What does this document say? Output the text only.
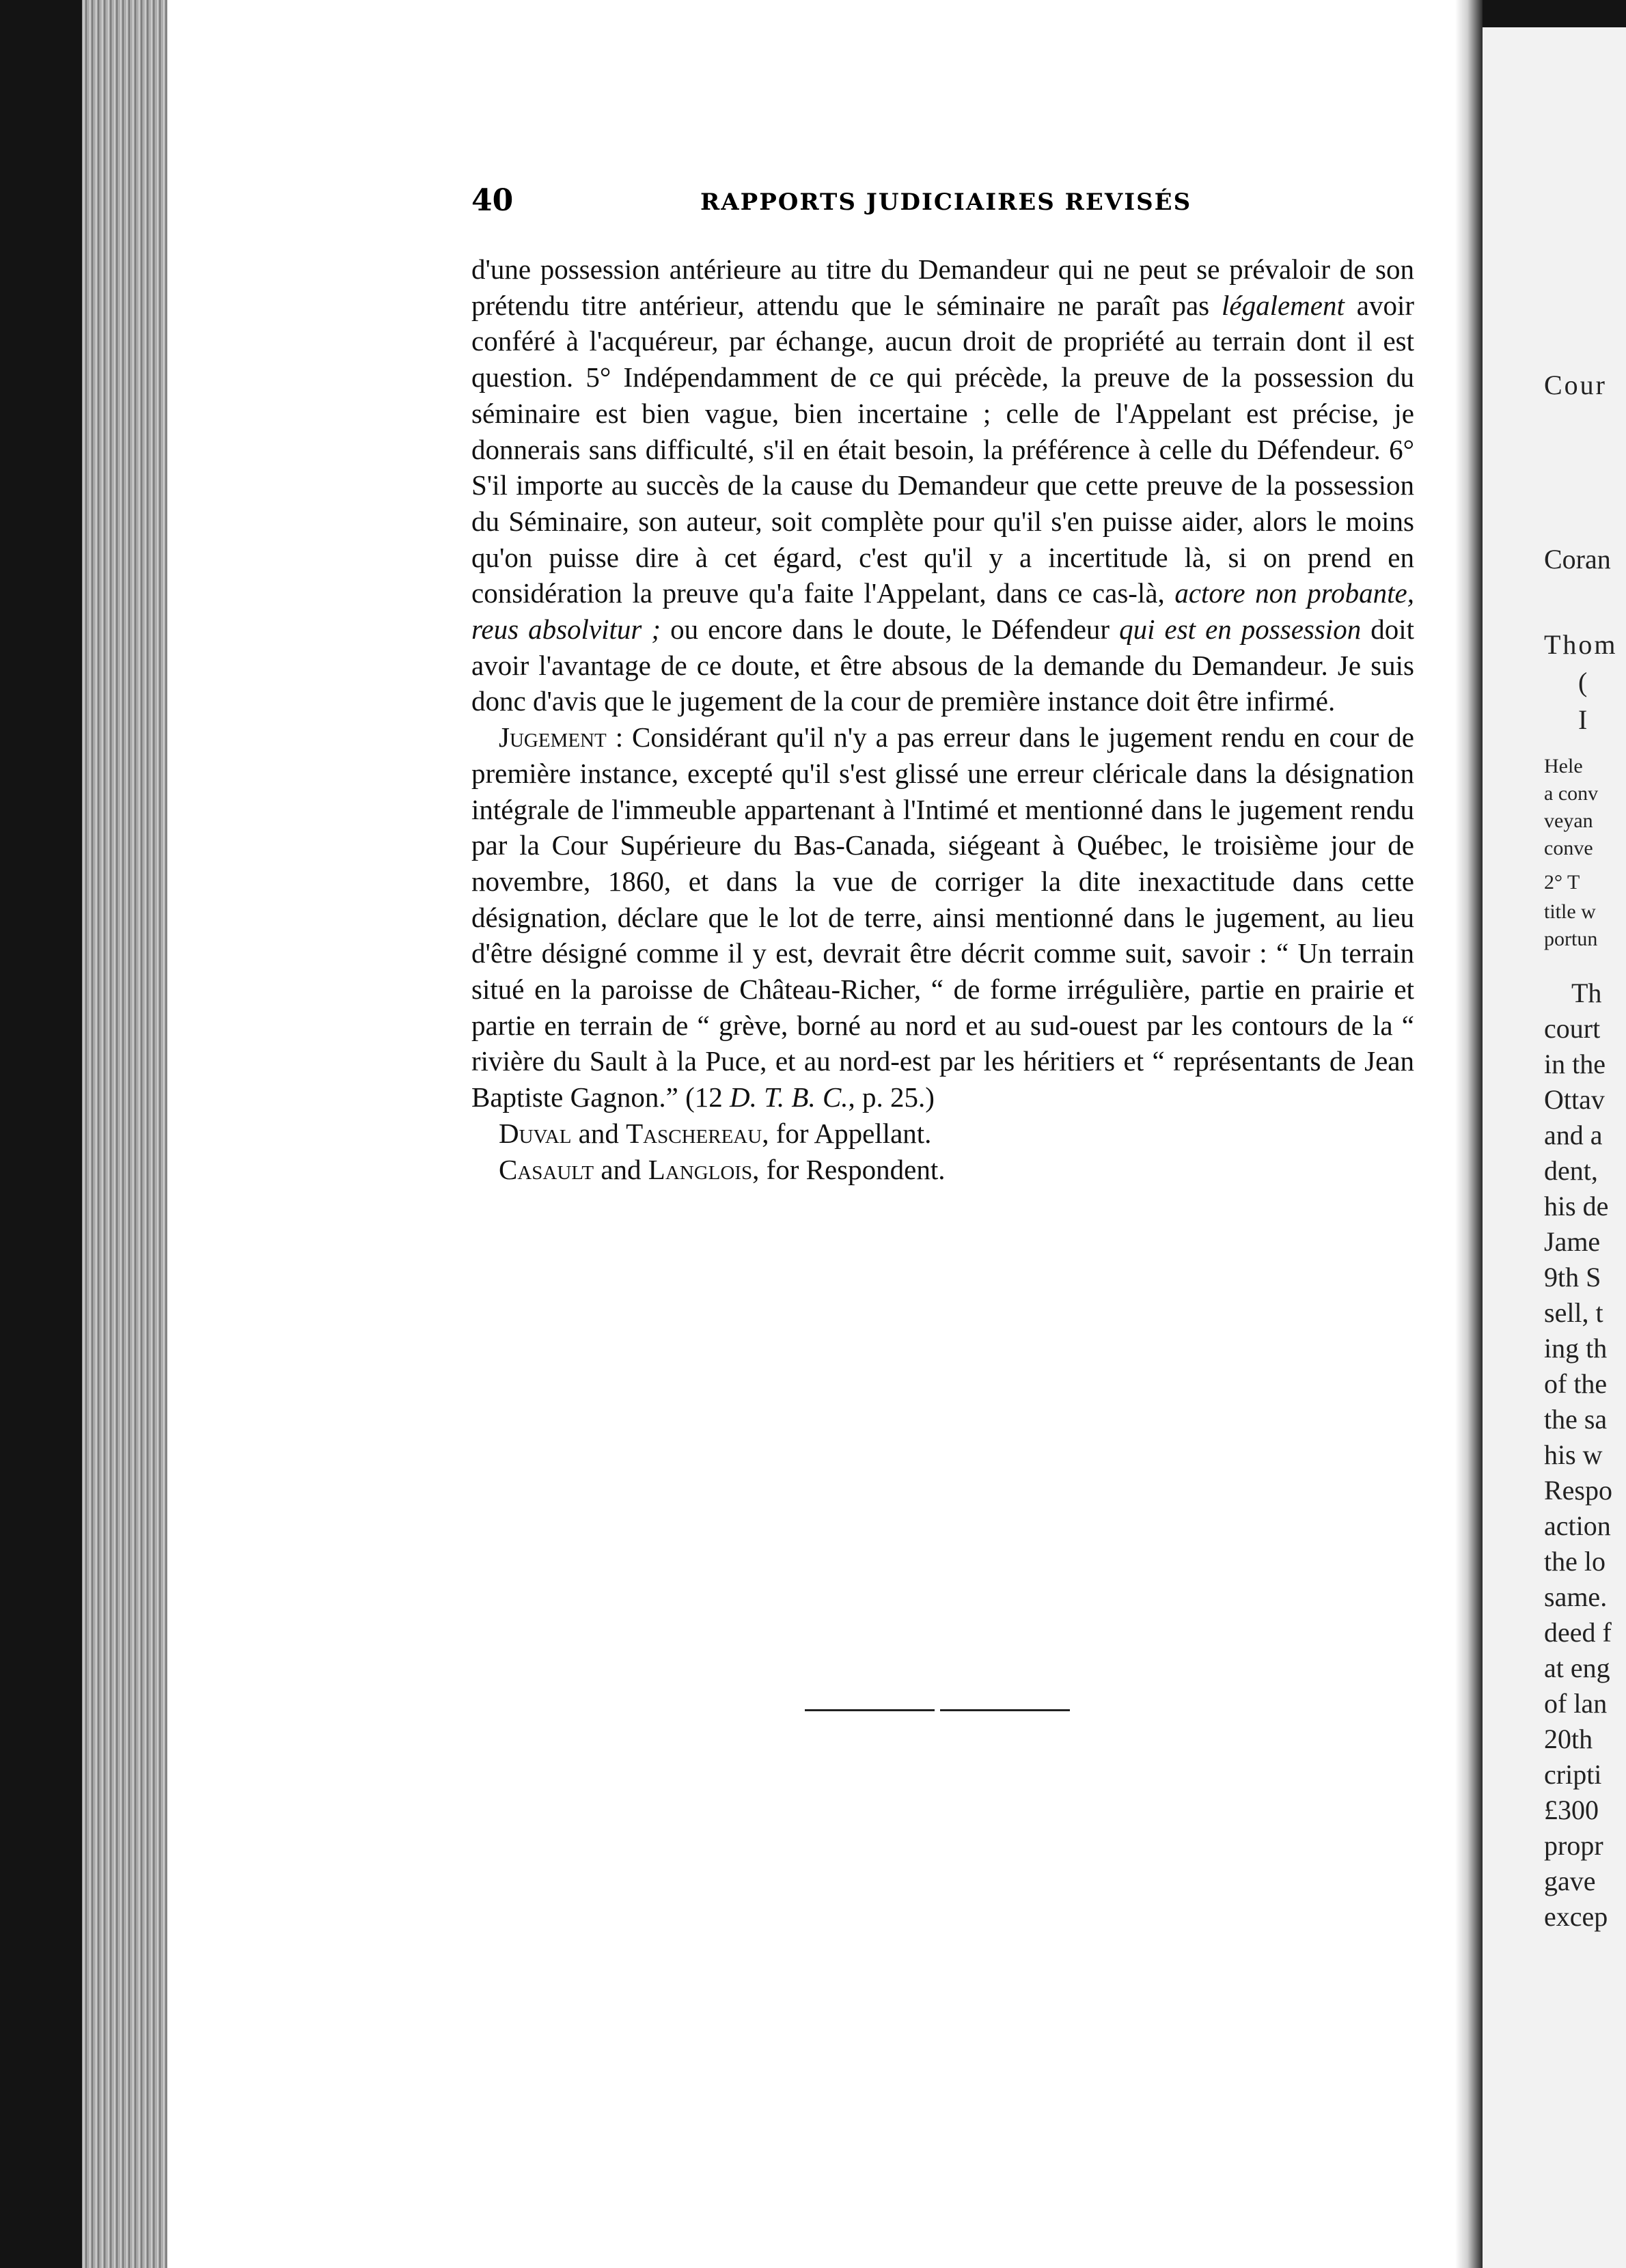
40	RAPPORTS JUDICIAIRES REVISÉS

d'une possession antérieure au titre du Demandeur qui ne peut se prévaloir de son prétendu titre antérieur, attendu que le séminaire ne paraît pas légalement avoir conféré à l'acquéreur, par échange, aucun droit de propriété au terrain dont il est question. 5° Indépendamment de ce qui précède, la preuve de la possession du séminaire est bien vague, bien incertaine ; celle de l'Appelant est précise, je donnerais sans difficulté, s'il en était besoin, la préférence à celle du Défendeur. 6° S'il importe au succès de la cause du Demandeur que cette preuve de la possession du Séminaire, son auteur, soit complète pour qu'il s'en puisse aider, alors le moins qu'on puisse dire à cet égard, c'est qu'il y a incertitude là, si on prend en considération la preuve qu'a faite l'Appelant, dans ce cas-là, actore non probante, reus absolvitur ; ou encore dans le doute, le Défendeur qui est en possession doit avoir l'avantage de ce doute, et être absous de la demande du Demandeur. Je suis donc d'avis que le jugement de la cour de première instance doit être infirmé.

Jugement : Considérant qu'il n'y a pas erreur dans le jugement rendu en cour de première instance, excepté qu'il s'est glissé une erreur cléricale dans la désignation intégrale de l'immeuble appartenant à l'Intimé et mentionné dans le jugement rendu par la Cour Supérieure du Bas-Canada, siégeant à Québec, le troisième jour de novembre, 1860, et dans la vue de corriger la dite inexactitude dans cette désignation, déclare que le lot de terre, ainsi mentionné dans le jugement, au lieu d'être désigné comme il y est, devrait être décrit comme suit, savoir : “ Un terrain situé en la paroisse de Château-Richer, “ de forme irrégulière, partie en prairie et partie en terrain de “ grève, borné au nord et au sud-ouest par les contours de la “ rivière du Sault à la Puce, et au nord-est par les héritiers et “ représentants de Jean Baptiste Gagnon.” (12 D. T. B. C., p. 25.)

Duval and Taschereau, for Appellant.

Casault and Langlois, for Respondent.

Cour
Coran
Thom
(
I
Hele
a conv
veyan
conve
2° T
title w
portun
Th
court
in the
Ottav
and a
dent,
his de
Jame
9th S
sell, t
ing th
of the
the sa
his w
Respo
action
the lo
same.
deed f
at eng
of lan
20th
cripti
£300
propr
gave
excep
